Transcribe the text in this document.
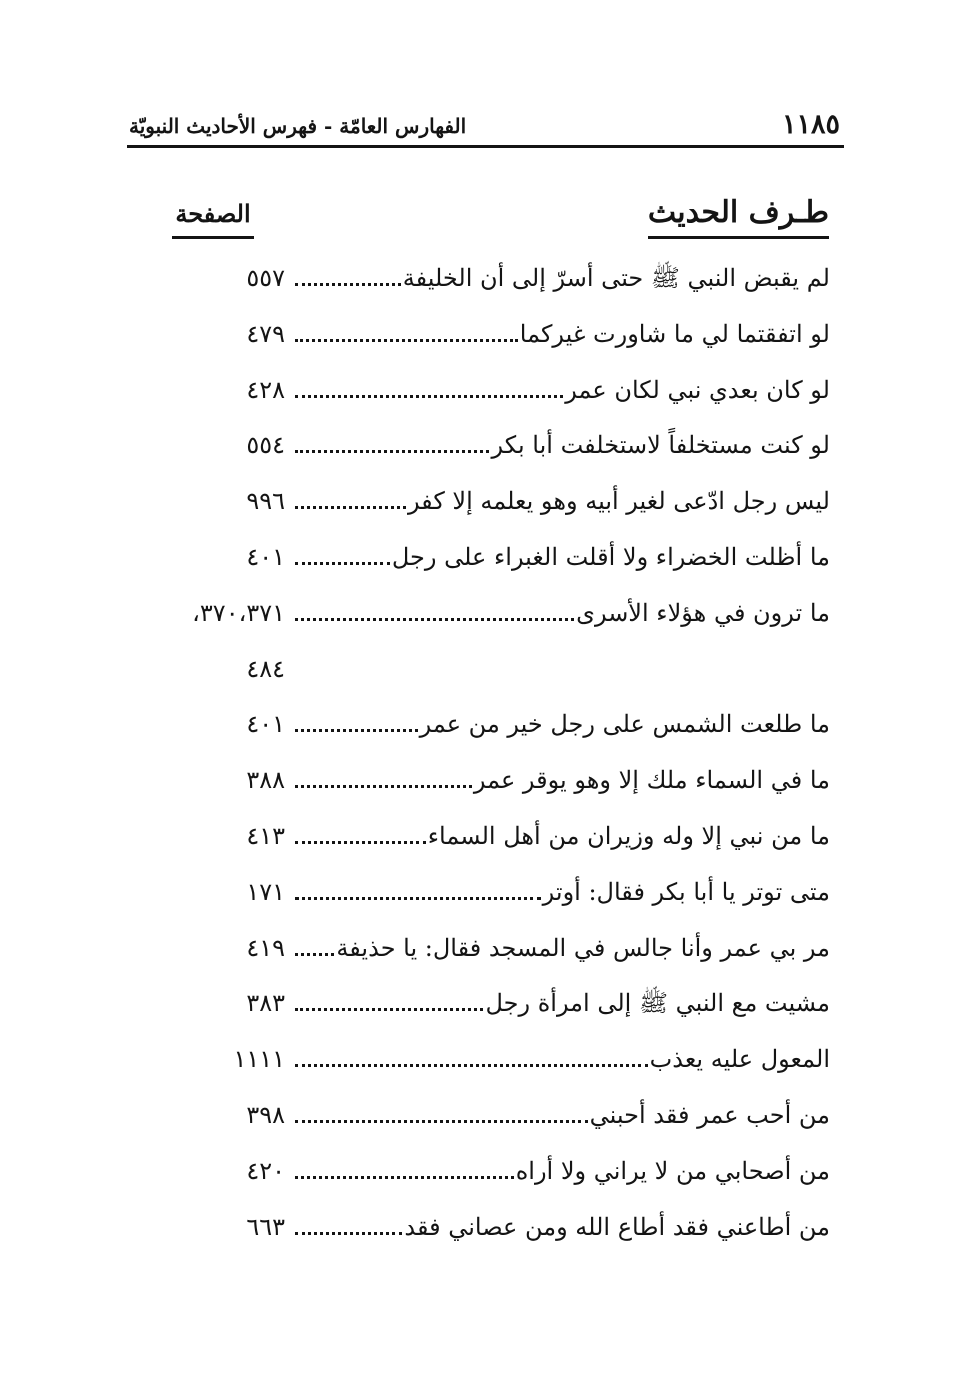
١١٨٥
الفهارس العامّة - فهرس الأحاديث النبويّة
طـرف الحديث
الصفحة
لم يقبض النبي ﷺ حتى أسرّ إلى أن الخليفة
٥٥٧
لو اتفقتما لي ما شاورت غيركما
٤٧٩
لو كان بعدي نبي لكان عمر
٤٢٨
لو كنت مستخلفاً لاستخلفت أبا بكر
٥٥٤
ليس رجل ادّعى لغير أبيه وهو يعلمه إلا كفر
٩٩٦
ما أظلت الخضراء ولا أقلت الغبراء على رجل
٤٠١
ما ترون في هؤلاء الأسرى
٣٧٠،٣٧١،
٤٨٤
ما طلعت الشمس على رجل خير من عمر
٤٠١
ما في السماء ملك إلا وهو يوقر عمر
٣٨٨
ما من نبي إلا وله وزيران من أهل السماء
٤١٣
متى توتر يا أبا بكر فقال: أوتر
١٧١
مر بي عمر وأنا جالس في المسجد فقال: يا حذيفة
٤١٩
مشيت مع النبي ﷺ إلى امرأة رجل
٣٨٣
المعول عليه يعذب
١١١١
من أحب عمر فقد أحبني
٣٩٨
من أصحابي من لا يراني ولا أراه
٤٢٠
من أطاعني فقد أطاع الله ومن عصاني فقد
٦٦٣
